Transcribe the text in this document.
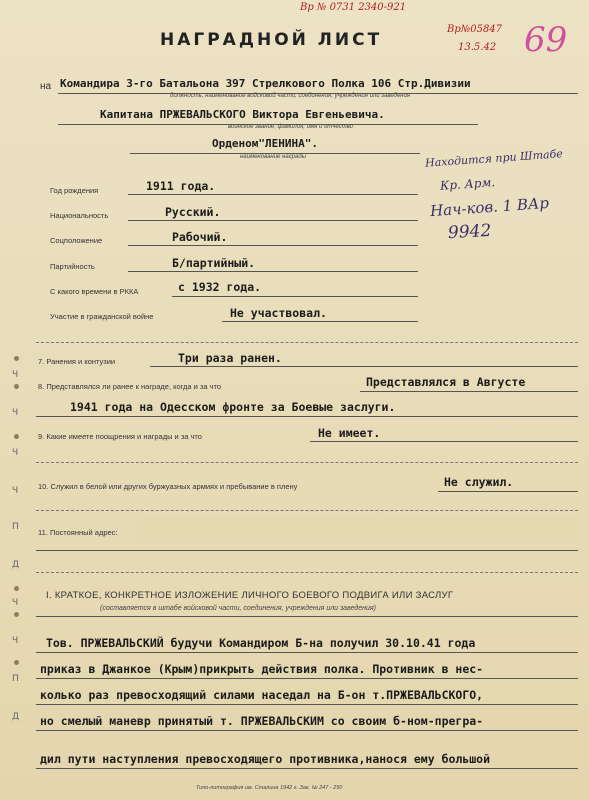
Вр № 0731 2340-921
Вр№05847
13.5.42 69
НАГРАДНОЙ ЛИСТ
на Командира 3-го Батальона 397 Стрелкового Полка 106 Стр.Дивизии
должность, наименование войсковой части, соединения, учреждения или заведения
Капитана ПРЖЕВАЛЬСКОГО Виктора Евгеньевича.
воинское звание, фамилия, имя и отчество
Орденом"ЛЕНИНА".
наименование награды	Находится при Штабе
Кр. Арм.
Нач-ков. 1 ВАр
9942
Год рождения	1911 года.
Национальность	Русский.
Соцположение	Рабочий.
Партийность	Б/партийный.
С какого времени в РККА	с 1932 года.
Участие в гражданской войне	Не участвовал.
7. Ранения и контузии	Три раза ранен.
8. Представлялся ли ранее к награде, когда и за что	Представлялся в Августе
1941 года на Одесском фронте за Боевые заслуги.
9. Какие имеете поощрения и награды и за что	Не имеет.
10. Служил в белой или других буржуазных армиях и пребывание в плену	Не служил.
11. Постоянный адрес:
I. КРАТКОЕ, КОНКРЕТНОЕ ИЗЛОЖЕНИЕ ЛИЧНОГО БОЕВОГО ПОДВИГА ИЛИ ЗАСЛУГ
(составляется в штабе войсковой части, соединения, учреждения или заведения)
Тов. ПРЖЕВАЛЬСКИЙ будучи Командиром Б-на получил 30.10.41 года
приказ в Джанкое (Крым)прикрыть действия полка. Противник в нес-
колько раз превосходящий силами наседал на Б-он т.ПРЖЕВАЛЬСКОГО,
но смелый маневр принятый т. ПРЖЕВАЛЬСКИМ со своим б-ном-прегра-
дил пути наступления превосходящего противника,нанося ему большой
Типо-литография им. Сталина 1942 г. Зак. № 247 - 250
Ч
Ч
Ч
Ч
П
Д
Ч
Ч
П
Д
